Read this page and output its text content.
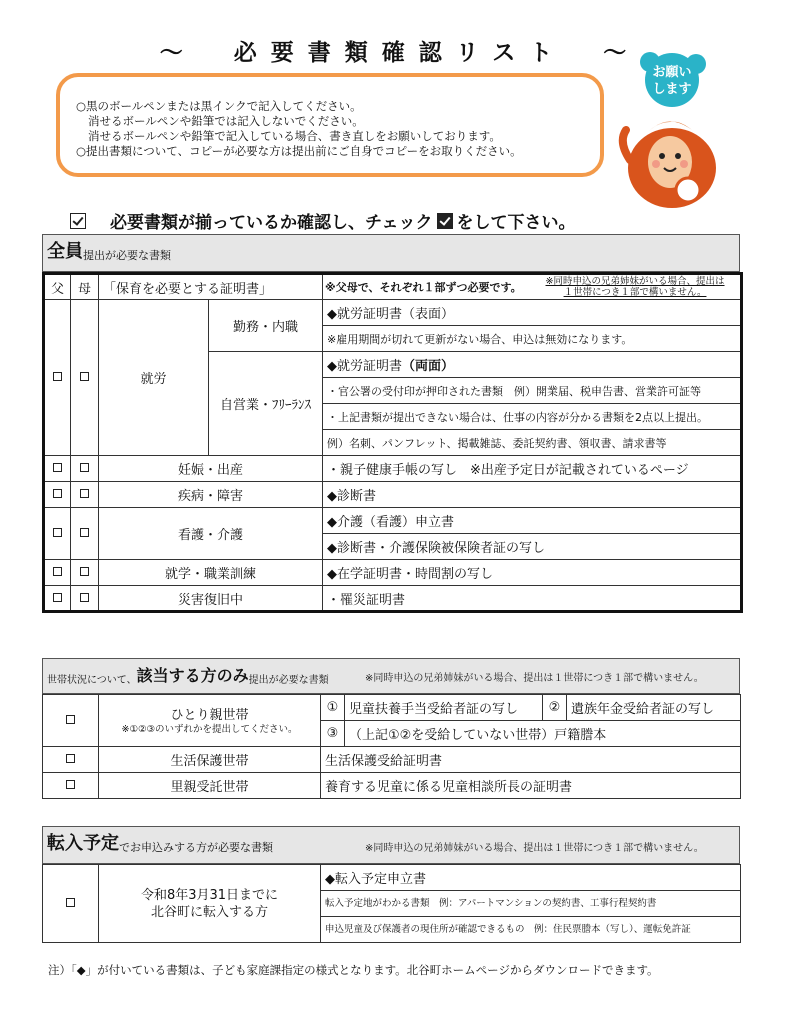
～　必要書類確認リスト　～
○黒のボールペンまたは黒インクで記入してください。
消せるボールペンや鉛筆では記入しないでください。
消せるボールペンや鉛筆で記入している場合、書き直しをお願いしております。
○提出書類について、コピーが必要な方は提出前にご自身でコピーをお取りください。
お願い
します
必要書類が揃っているか確認し、チェック をして下さい。
全員 提出が必要な書類
父	母	「保育を必要とする証明書」		※父母で、それぞれ１部ずつ必要です。 ※同時申込の兄弟姉妹がいる場合、提出は
１世帯につき１部で構いません。
		就労	勤務・内職	◆就労証明書（表面）
				※雇用期間が切れて更新がない場合、申込は無効になります。
			自営業・ﾌﾘｰﾗﾝｽ	◆就労証明書（両面）
				・官公署の受付印が押印された書類　例）開業届、税申告書、営業許可証等
				・上記書類が提出できない場合は、仕事の内容が分かる書類を2点以上提出。
				例）名刺、パンフレット、掲載雑誌、委託契約書、領収書、請求書等
		妊娠・出産		・親子健康手帳の写し　※出産予定日が記載されているページ
		疾病・障害		◆診断書
		看護・介護		◆介護（看護）申立書
				◆診断書・介護保険被保険者証の写し
		就学・職業訓練		◆在学証明書・時間割の写し
		災害復旧中		・罹災証明書
世帯状況について、 該当する方のみ 提出が必要な書類	※同時申込の兄弟姉妹がいる場合、提出は１世帯につき１部で構いません。

	ひとり親世帯
※①②③のいずれかを提出してください。	①	児童扶養手当受給者証の写し	②	遺族年金受給者証の写し
		③	（上記①②を受給していない世帯）戸籍謄本		
	生活保護世帯	生活保護受給証明書			
	里親受託世帯	養育する児童に係る児童相談所長の証明書			
転入予定 でお申込みする方が必要な書類	※同時申込の兄弟姉妹がいる場合、提出は１世帯につき１部で構いません。

令和8年3月31日までに
北谷町に転入する方
	◆転入予定申立書
転入予定地がわかる書類　例：アパートマンションの契約書、工事行程契約書
申込児童及び保護者の現住所が確認できるもの　例：住民票謄本（写し）、運転免許証
注）「◆」が付いている書類は、子ども家庭課指定の様式となります。北谷町ホームページからダウンロードできます。
